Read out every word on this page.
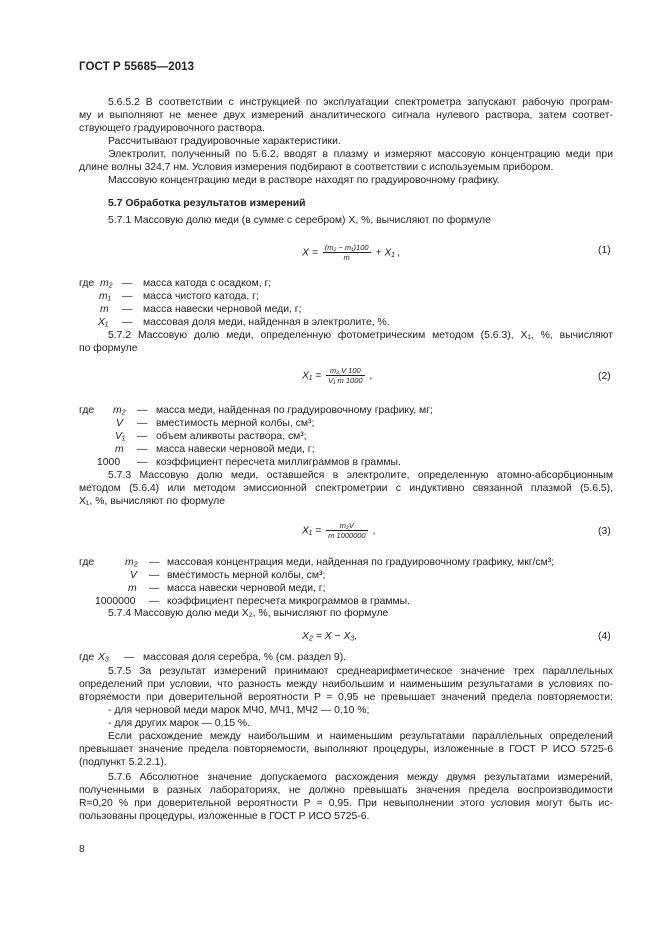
ГОСТ Р 55685—2013
5.6.5.2 В соответствии с инструкцией по эксплуатации спектрометра запускают рабочую програм-
му и выполняют не менее двух измерений аналитического сигнала нулевого раствора, затем соответ-
ствующего градуировочного раствора.
Рассчитывают градуировочные характеристики.
Электролит, полученный по 5.6.2, вводят в плазму и измеряют массовую концентрацию меди при
длине волны 324,7 нм. Условия измерения подбирают в соответствии с используемым прибором.
Массовую концентрацию меди в растворе находят по градуировочному графику.
5.7 Обработка результатов измерений
5.7.1 Массовую долю меди (в сумме с серебром) X, %, вычисляют по формуле
$X = \frac{\text{(m₂ − m₁)100}}{m} + X_1$ ,	(1)
где m₂ — масса катода с осадком, г;
m₁ — масса чистого катода, г;
m — масса навески черновой меди, г;
X₁ — массовая доля меди, найденная в электролите, %.
5.7.2 Массовую долю меди, определенную фотометрическим методом (5.6.3), X₁, %, вычисляют
по формуле
$X_1 = \frac{\text{m₂ V 100}}{\text{V₁ m 1000}}$ ,	(2)
где m₂ — масса меди, найденная по градуировочному графику, мг;
V — вместимость мерной колбы, см³;
V₁ — объем аликвоты раствора, см³;
m — масса навески черновой меди, г;
1000 — коэффициент пересчета миллиграммов в граммы.
5.7.3 Массовую долю меди, оставшейся в электролите, определенную атомно-абсорбционным
методом (5.6.4) или методом эмиссионной спектрометрии с индуктивно связанной плазмой (5.6.5),
X₁, %, вычисляют по формуле
$X_1 = \frac{\text{m₂V}}{m 1000000}$ ,	(3)
где	m₂ — массовая концентрация меди, найденная по градуировочному графику, мкг/см³;
V — вместимость мерной колбы, см³;
m — масса навески черновой меди, г;
1000000 — коэффициент пересчета микрограммов в граммы.
5.7.4 Массовую долю меди X₂, %, вычисляют по формуле
X₂ = X − X₃,	(4)
где X₃ — массовая доля серебра, % (см. раздел 9).
5.7.5 За результат измерений принимают среднеарифметическое значение трех параллельных
определений при условии, что разность между наибольшим и наименьшим результатами в условиях по-
вторяемости при доверительной вероятности P = 0,95 не превышает значений предела повторяемости:
- для черновой меди марок МЧ0, МЧ1, МЧ2 — 0,10 %;
- для других марок — 0,15 %.
Если расхождение между наибольшим и наименьшим результатами параллельных определений
превышает значение предела повторяемости, выполняют процедуры, изложенные в ГОСТ Р ИСО 5725-6
(подпункт 5.2.2.1).
5.7.6 Абсолютное значение допускаемого расхождения между двумя результатами измерений,
полученными в разных лабораториях, не должно превышать значения предела воспроизводимости
R=0,20 % при доверительной вероятности P = 0,95. При невыполнении этого условия могут быть ис-
пользованы процедуры, изложенные в ГОСТ Р ИСО 5725-6.
8
